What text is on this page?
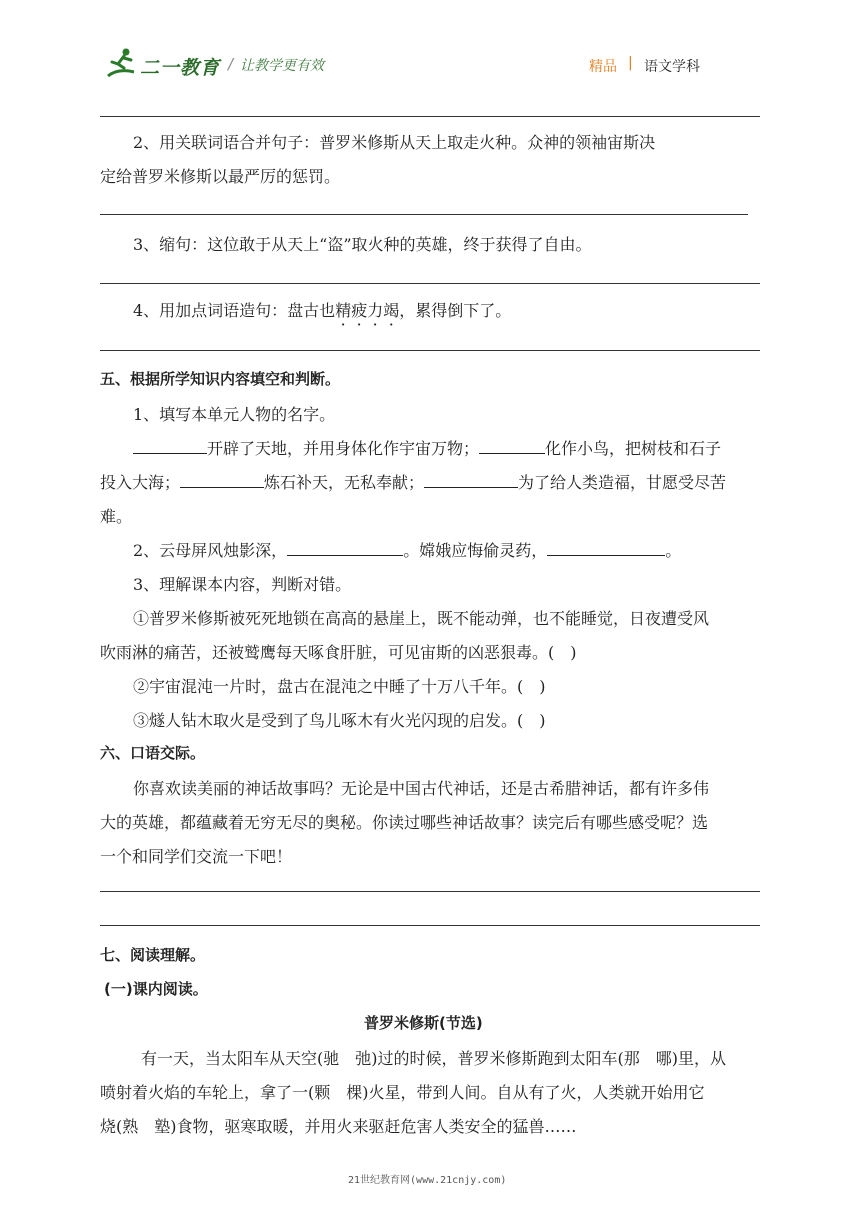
二一教育 / 让教学更有效	精品 | 语文学科
2、用关联词语合并句子：普罗米修斯从天上取走火种。众神的领袖宙斯决
定给普罗米修斯以最严厉的惩罚。
3、缩句：这位敢于从天上“盗”取火种的英雄，终于获得了自由。
4、用加点词语造句：盘古也精疲力竭，累得倒下了。
五、根据所学知识内容填空和判断。
1、填写本单元人物的名字。
开辟了天地，并用身体化作宇宙万物；	化作小鸟，把树枝和石子
投入大海；	炼石补天，无私奉献；	为了给人类造福，甘愿受尽苦
难。
2、云母屏风烛影深，	。嫦娥应悔偷灵药，	。
3、理解课本内容，判断对错。
①普罗米修斯被死死地锁在高高的悬崖上，既不能动弹，也不能睡觉，日夜遭受风
吹雨淋的痛苦，还被鹫鹰每天啄食肝脏，可见宙斯的凶恶狠毒。(　)
②宇宙混沌一片时，盘古在混沌之中睡了十万八千年。(　)
③燧人钻木取火是受到了鸟儿啄木有火光闪现的启发。(　)
六、口语交际。
你喜欢读美丽的神话故事吗？无论是中国古代神话，还是古希腊神话，都有许多伟
大的英雄，都蕴藏着无穷无尽的奥秘。你读过哪些神话故事？读完后有哪些感受呢？选
一个和同学们交流一下吧！
七、阅读理解。
(一)课内阅读。
普罗米修斯(节选)
有一天，当太阳车从天空(驰　弛)过的时候，普罗米修斯跑到太阳车(那　哪)里，从
喷射着火焰的车轮上，拿了一(颗　棵)火星，带到人间。自从有了火，人类就开始用它
烧(熟　塾)食物，驱寒取暖，并用火来驱赶危害人类安全的猛兽……
21世纪教育网(www.21cnjy.com)
